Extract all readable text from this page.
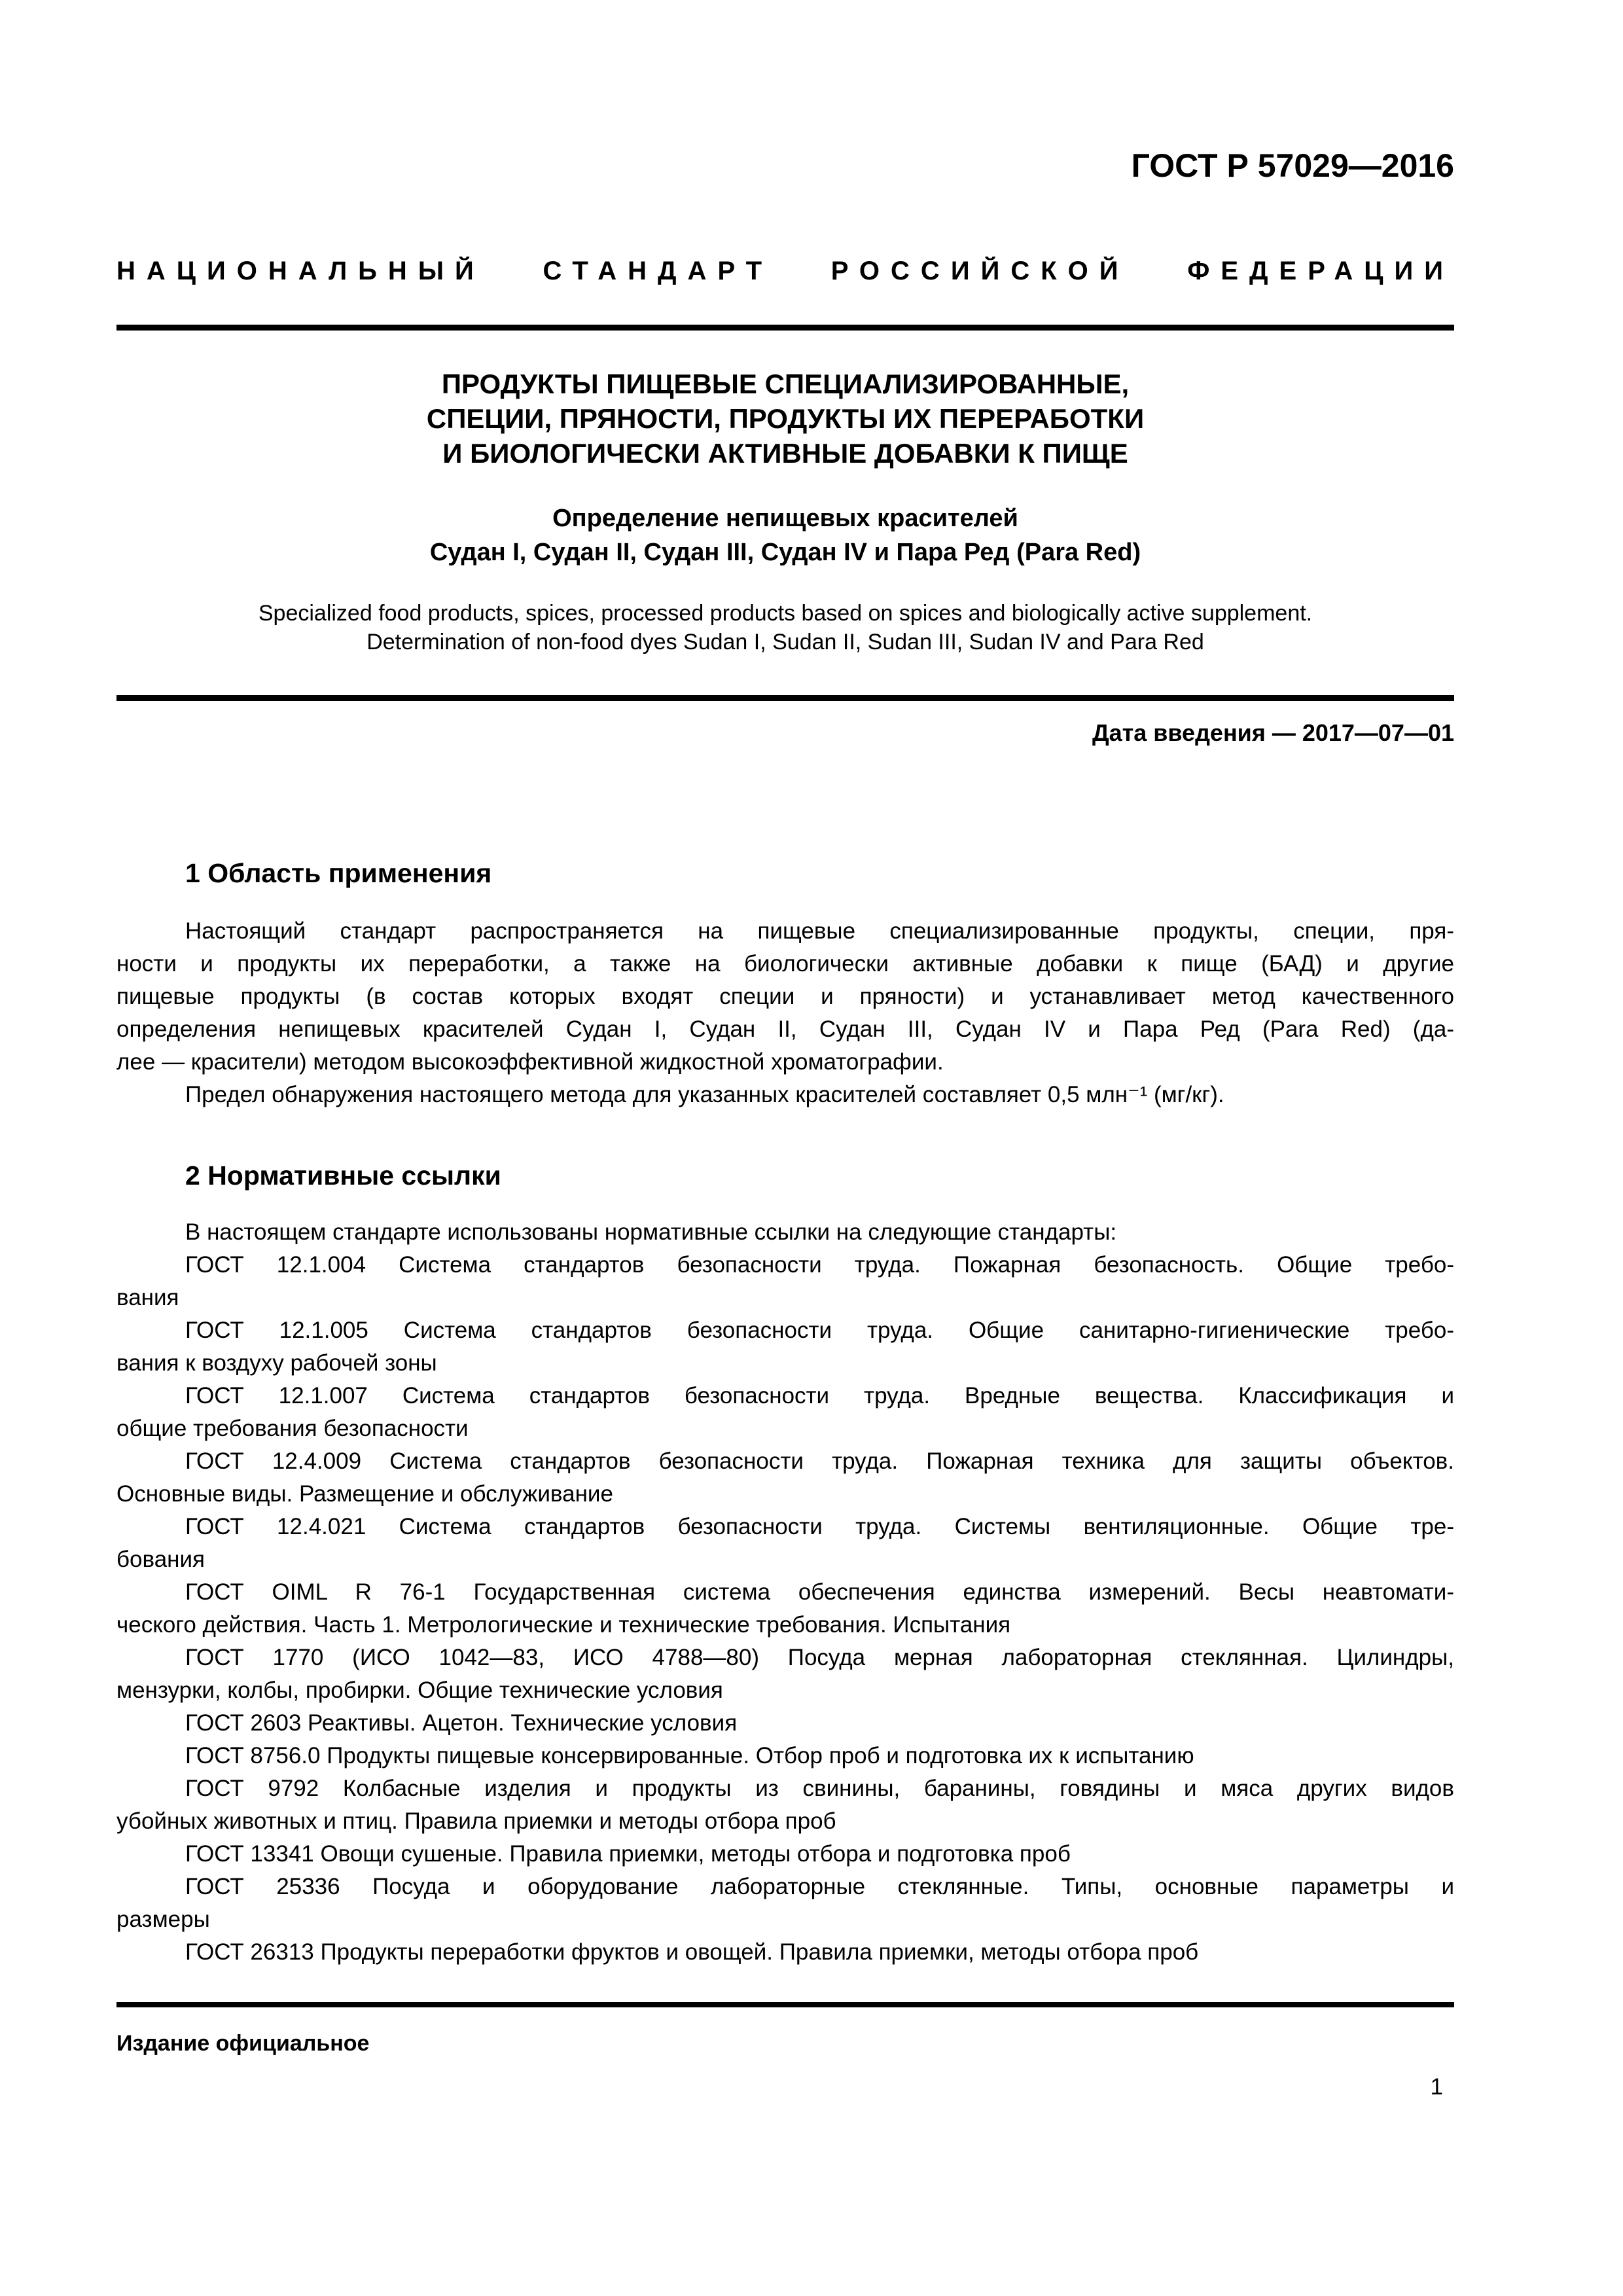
ГОСТ Р 57029—2016
НАЦИОНАЛЬНЫЙ СТАНДАРТ РОССИЙСКОЙ ФЕДЕРАЦИИ
ПРОДУКТЫ ПИЩЕВЫЕ СПЕЦИАЛИЗИРОВАННЫЕ,
СПЕЦИИ, ПРЯНОСТИ, ПРОДУКТЫ ИХ ПЕРЕРАБОТКИ
И БИОЛОГИЧЕСКИ АКТИВНЫЕ ДОБАВКИ К ПИЩЕ
Определение непищевых красителей
Судан I, Судан II, Судан III, Судан IV и Пара Ред (Para Red)
Specialized food products, spices, processed products based on spices and biologically active supplement.
Determination of non-food dyes Sudan I, Sudan II, Sudan III, Sudan IV and Para Red
Дата введения — 2017—07—01
1 Область применения
Настоящий стандарт распространяется на пищевые специализированные продукты, специи, пря-
ности и продукты их переработки, а также на биологически активные добавки к пище (БАД) и другие
пищевые продукты (в состав которых входят специи и пряности) и устанавливает метод качественного
определения непищевых красителей Судан I, Судан II, Судан III, Судан IV и Пара Ред (Para Red) (да-
лее — красители) методом высокоэффективной жидкостной хроматографии.
Предел обнаружения настоящего метода для указанных красителей составляет 0,5 млн⁻¹ (мг/кг).
2 Нормативные ссылки
В настоящем стандарте использованы нормативные ссылки на следующие стандарты:
ГОСТ 12.1.004 Система стандартов безопасности труда. Пожарная безопасность. Общие требо-
вания
ГОСТ 12.1.005 Система стандартов безопасности труда. Общие санитарно-гигиенические требо-
вания к воздуху рабочей зоны
ГОСТ 12.1.007 Система стандартов безопасности труда. Вредные вещества. Классификация и
общие требования безопасности
ГОСТ 12.4.009 Система стандартов безопасности труда. Пожарная техника для защиты объектов.
Основные виды. Размещение и обслуживание
ГОСТ 12.4.021 Система стандартов безопасности труда. Системы вентиляционные. Общие тре-
бования
ГОСТ OIML R 76-1 Государственная система обеспечения единства измерений. Весы неавтомати-
ческого действия. Часть 1. Метрологические и технические требования. Испытания
ГОСТ 1770 (ИСО 1042—83, ИСО 4788—80) Посуда мерная лабораторная стеклянная. Цилиндры,
мензурки, колбы, пробирки. Общие технические условия
ГОСТ 2603 Реактивы. Ацетон. Технические условия
ГОСТ 8756.0 Продукты пищевые консервированные. Отбор проб и подготовка их к испытанию
ГОСТ 9792 Колбасные изделия и продукты из свинины, баранины, говядины и мяса других видов
убойных животных и птиц. Правила приемки и методы отбора проб
ГОСТ 13341 Овощи сушеные. Правила приемки, методы отбора и подготовка проб
ГОСТ 25336 Посуда и оборудование лабораторные стеклянные. Типы, основные параметры и
размеры
ГОСТ 26313 Продукты переработки фруктов и овощей. Правила приемки, методы отбора проб
Издание официальное
1
